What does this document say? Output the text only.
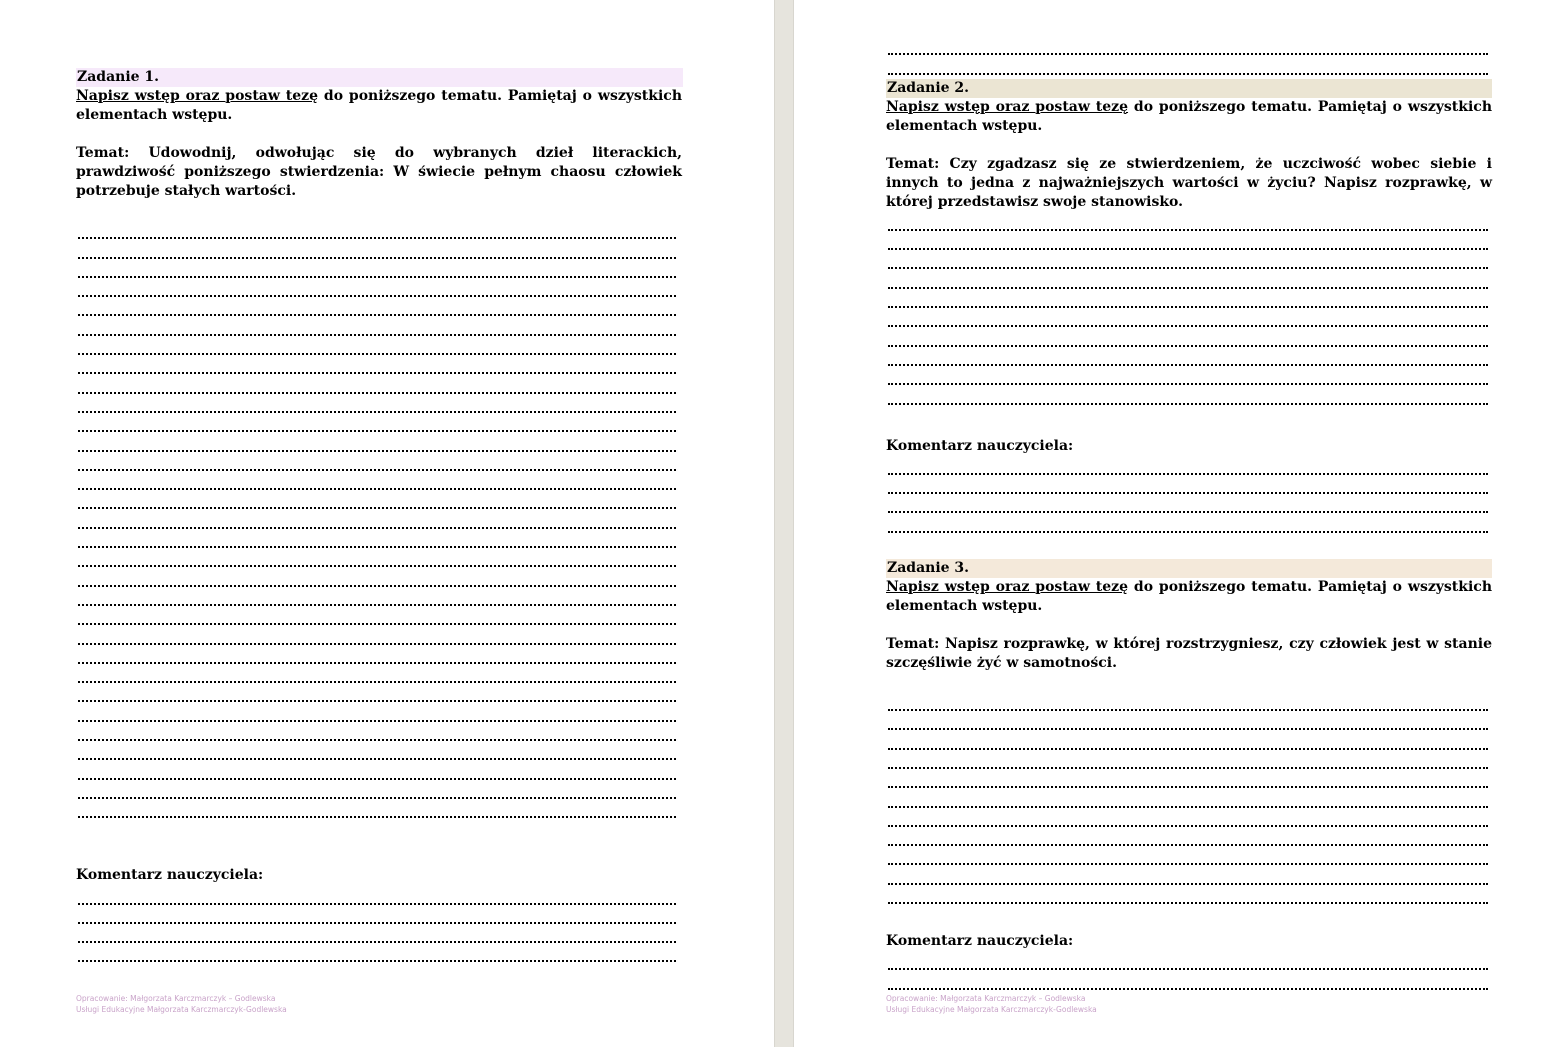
Zadanie 1.

Napisz wstęp oraz postaw tezę do poniższego tematu. Pamiętaj o wszystkich elementach wstępu.

Temat: Udowodnij, odwołując się do wybranych dzieł literackich, prawdziwość poniższego stwierdzenia: W świecie pełnym chaosu człowiek potrzebuje stałych wartości.

Komentarz nauczyciela:
Opracowanie: Małgorzata Karczmarczyk – Godlewska
Usługi Edukacyjne Małgorzata Karczmarczyk-Godlewska
Zadanie 2.

Napisz wstęp oraz postaw tezę do poniższego tematu. Pamiętaj o wszystkich elementach wstępu.

Temat: Czy zgadzasz się ze stwierdzeniem, że uczciwość wobec siebie i innych to jedna z najważniejszych wartości w życiu? Napisz rozprawkę, w której przedstawisz swoje stanowisko.

Komentarz nauczyciela:
Zadanie 3.

Napisz wstęp oraz postaw tezę do poniższego tematu. Pamiętaj o wszystkich elementach wstępu.

Temat: Napisz rozprawkę, w której rozstrzygniesz, czy człowiek jest w stanie szczęśliwie żyć w samotności.

Komentarz nauczyciela:
Opracowanie: Małgorzata Karczmarczyk – Godlewska
Usługi Edukacyjne Małgorzata Karczmarczyk-Godlewska
